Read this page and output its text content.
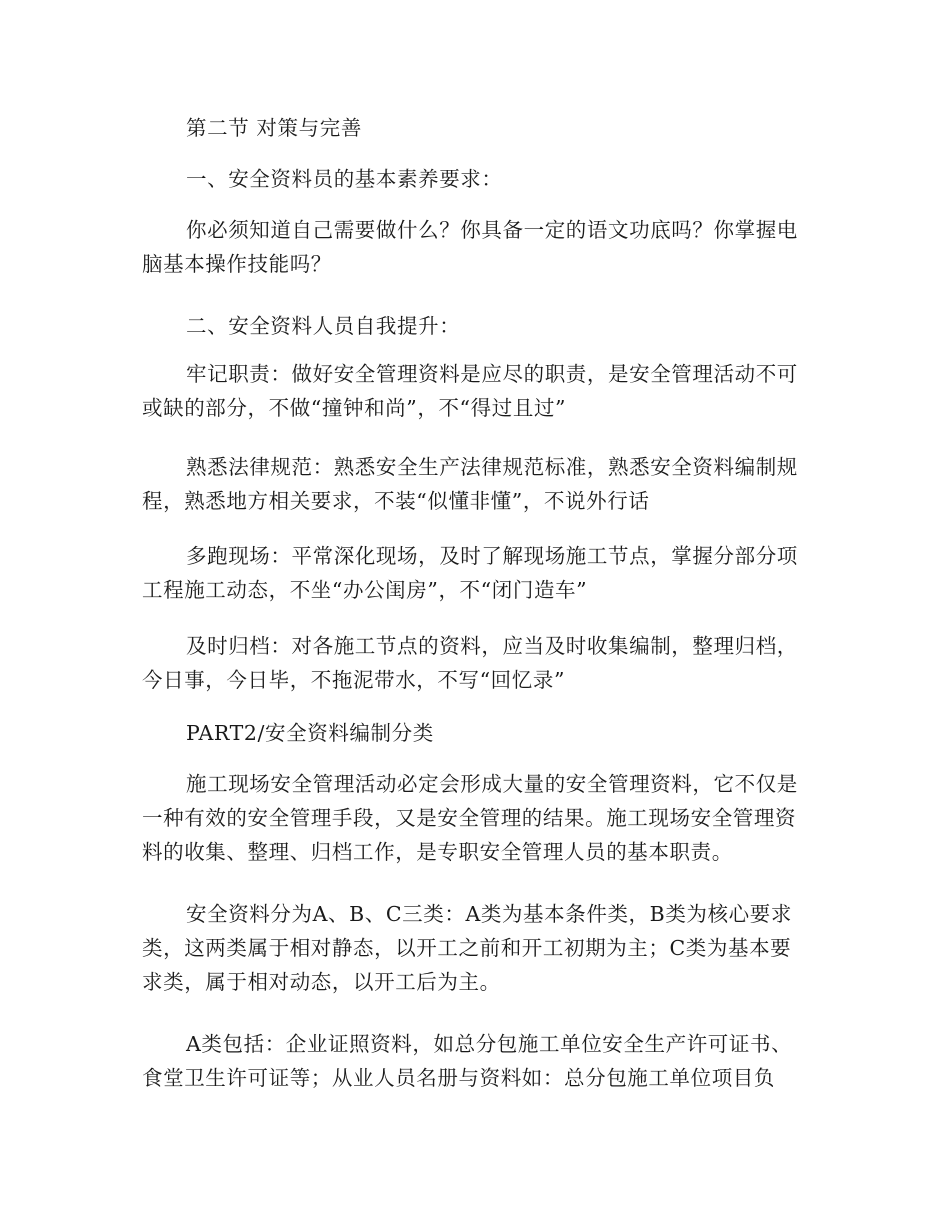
第二节 对策与完善

一、安全资料员的基本素养要求：

你必须知道自己需要做什么？你具备一定的语文功底吗？你掌握电脑基本操作技能吗？

二、安全资料人员自我提升：

牢记职责：做好安全管理资料是应尽的职责，是安全管理活动不可或缺的部分，不做“撞钟和尚”，不“得过且过”

熟悉法律规范：熟悉安全生产法律规范标准，熟悉安全资料编制规程，熟悉地方相关要求，不装“似懂非懂”，不说外行话

多跑现场：平常深化现场，及时了解现场施工节点，掌握分部分项工程施工动态，不坐“办公闺房”，不“闭门造车”

及时归档：对各施工节点的资料，应当及时收集编制，整理归档，今日事，今日毕，不拖泥带水，不写“回忆录”

PART2/安全资料编制分类

施工现场安全管理活动必定会形成大量的安全管理资料，它不仅是一种有效的安全管理手段，又是安全管理的结果。施工现场安全管理资料的收集、整理、归档工作，是专职安全管理人员的基本职责。

安全资料分为A、B、C三类：A类为基本条件类，B类为核心要求类，这两类属于相对静态，以开工之前和开工初期为主；C类为基本要求类，属于相对动态，以开工后为主。

A类包括：企业证照资料，如总分包施工单位安全生产许可证书、食堂卫生许可证等；从业人员名册与资料如：总分包施工单位项目负
